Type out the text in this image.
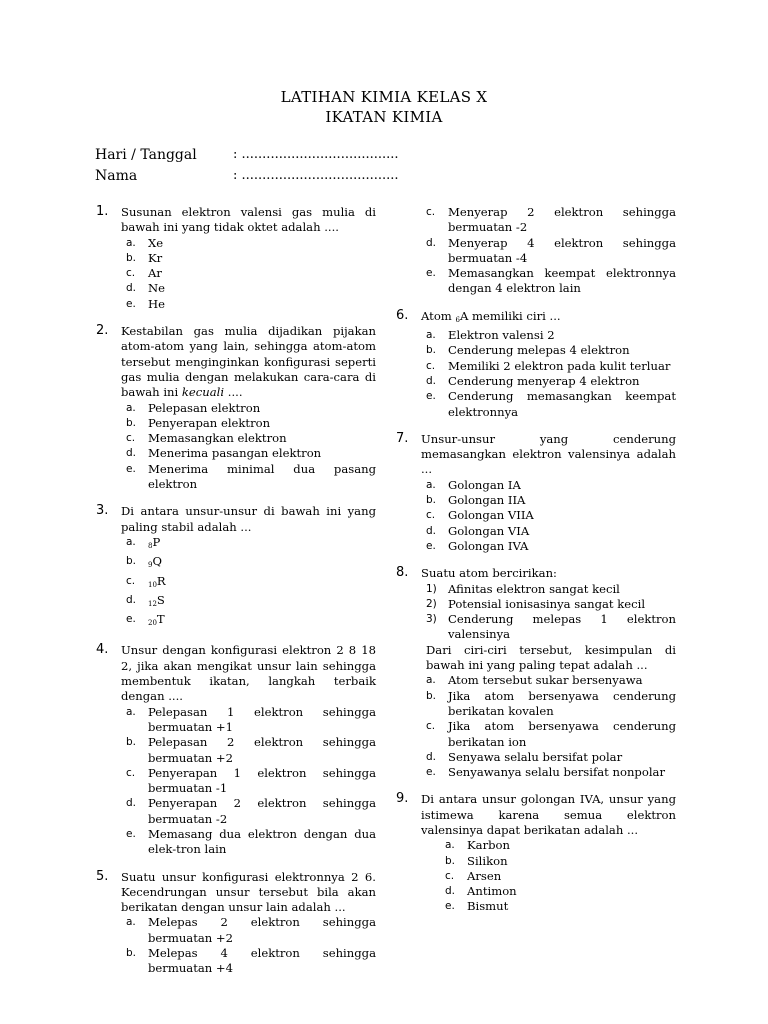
LATIHAN KIMIA KELAS X
IKATAN KIMIA
Hari / Tanggal	: ......................................
Nama	: ......................................
1. Susunan elektron valensi gas mulia di bawah ini yang tidak oktet adalah ....
a. Xe
b. Kr
c. Ar
d. Ne
e. He
2. Kestabilan gas mulia dijadikan pijakan atom-atom yang lain, sehingga atom-atom tersebut menginginkan konfigurasi seperti gas mulia dengan melakukan cara-cara di bawah ini kecuali ....
a. Pelepasan elektron
b. Penyerapan elektron
c. Memasangkan elektron
d. Menerima pasangan elektron
e. Menerima minimal dua pasang elektron
3. Di antara unsur-unsur di bawah ini yang paling stabil adalah ...
a. $_8$P
b. $_9$Q
c. $_{10}$R
d. $_{12}$S
e. $_{20}$T
4. Unsur dengan konfigurasi elektron 2 8 18 2, jika akan mengikat unsur lain sehingga membentuk ikatan, langkah terbaik dengan ....
a. Pelepasan 1 elektron sehingga bermuatan +1
b. Pelepasan 2 elektron sehingga bermuatan +2
c. Penyerapan 1 elektron sehingga bermuatan -1
d. Penyerapan 2 elektron sehingga bermuatan -2
e. Memasang dua elektron dengan dua elek-tron lain
5. Suatu unsur konfigurasi elektronnya 2 6. Kecendrungan unsur tersebut bila akan berikatan dengan unsur lain adalah ...
a. Melepas 2 elektron sehingga bermuatan +2
b. Melepas 4 elektron sehingga bermuatan +4
c. Menyerap 2 elektron sehingga bermuatan -2
d. Menyerap 4 elektron sehingga bermuatan -4
e. Memasangkan keempat elektronnya dengan 4 elektron lain
6. Atom $_6$A memiliki ciri ...
a. Elektron valensi 2
b. Cenderung melepas 4 elektron
c. Memiliki 2 elektron pada kulit terluar
d. Cenderung menyerap 4 elektron
e. Cenderung memasangkan keempat elektronnya
7. Unsur-unsur yang cenderung memasangkan elektron valensinya adalah ...
a. Golongan IA
b. Golongan IIA
c. Golongan VIIA
d. Golongan VIA
e. Golongan IVA
8. Suatu atom bercirikan:
1) Afinitas elektron sangat kecil
2) Potensial ionisasinya sangat kecil
3) Cenderung melepas 1 elektron valensinya
Dari ciri-ciri tersebut, kesimpulan di bawah ini yang paling tepat adalah ...
a. Atom tersebut sukar bersenyawa
b. Jika atom bersenyawa cenderung berikatan kovalen
c. Jika atom bersenyawa cenderung berikatan ion
d. Senyawa selalu bersifat polar
e. Senyawanya selalu bersifat nonpolar
9. Di antara unsur golongan IVA, unsur yang istimewa karena semua elektron valensinya dapat berikatan adalah ...
a. Karbon
b. Silikon
c. Arsen
d. Antimon
e. Bismut
